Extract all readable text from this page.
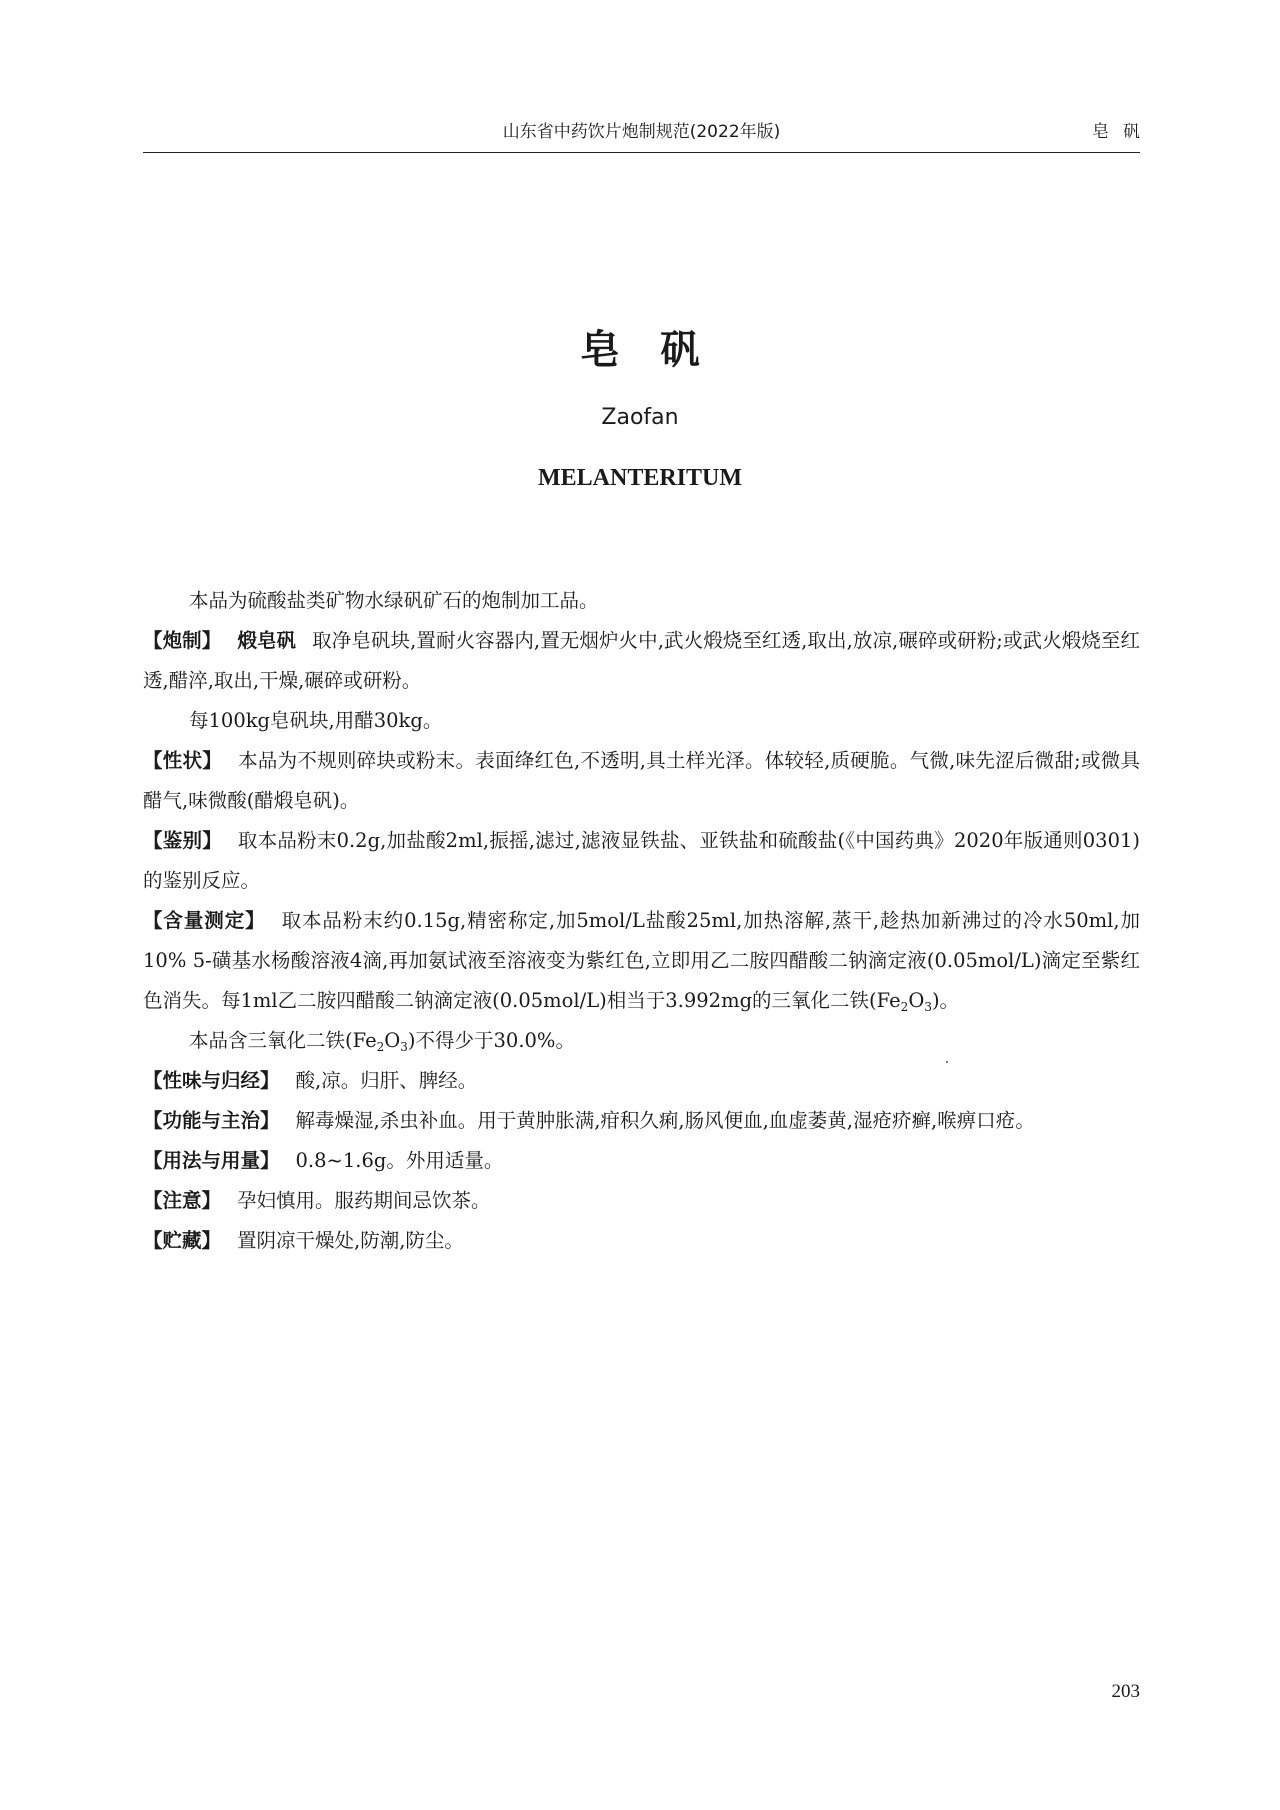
山东省中药饮片炮制规范(2022年版)	皂矾
皂矾
Zaofan
MELANTERITUM

本品为硫酸盐类矿物水绿矾矿石的炮制加工品。

【炮制】 煅皂矾 取净皂矾块,置耐火容器内,置无烟炉火中,武火煅烧至红透,取出,放凉,碾碎或研粉;或武火煅烧至红透,醋淬,取出,干燥,碾碎或研粉。

每100kg皂矾块,用醋30kg。

【性状】 本品为不规则碎块或粉末。表面绛红色,不透明,具土样光泽。体较轻,质硬脆。气微,味先涩后微甜;或微具醋气,味微酸(醋煅皂矾)。

【鉴别】 取本品粉末0.2g,加盐酸2ml,振摇,滤过,滤液显铁盐、亚铁盐和硫酸盐(《中国药典》2020年版通则0301)的鉴别反应。

【含量测定】 取本品粉末约0.15g,精密称定,加5mol/L盐酸25ml,加热溶解,蒸干,趁热加新沸过的冷水50ml,加10% 5-磺基水杨酸溶液4滴,再加氨试液至溶液变为紫红色,立即用乙二胺四醋酸二钠滴定液(0.05mol/L)滴定至紫红色消失。每1ml乙二胺四醋酸二钠滴定液(0.05mol/L)相当于3.992mg的三氧化二铁$(Fe_2O_3)$。

本品含三氧化二铁$(Fe_2O_3)$不得少于30.0%。

【性味与归经】 酸,凉。归肝、脾经。

【功能与主治】 解毒燥湿,杀虫补血。用于黄肿胀满,疳积久痢,肠风便血,血虚萎黄,湿疮疥癣,喉痹口疮。

【用法与用量】 0.8~1.6g。外用适量。

【注意】 孕妇慎用。服药期间忌饮茶。

【贮藏】 置阴凉干燥处,防潮,防尘。

203
